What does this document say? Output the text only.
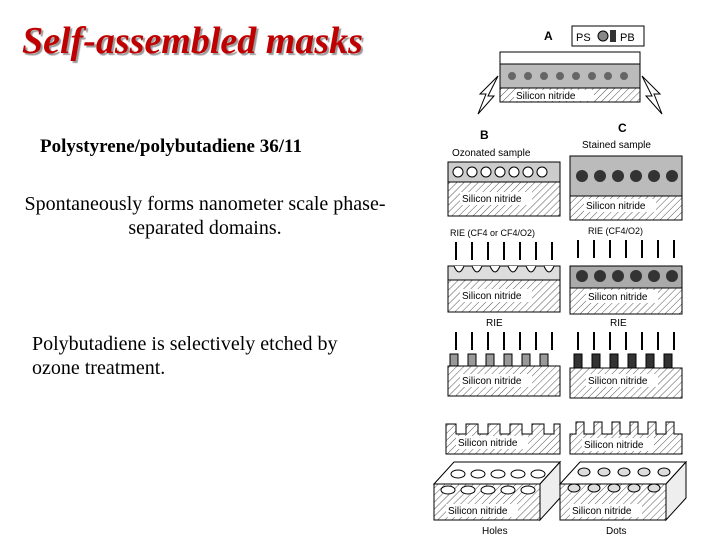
Self-assembled masks

Polystyrene/polybutadiene 36/11

Spontaneously forms nanometer scale phase-separated domains.

Polybutadiene is selectively etched by ozone treatment.

A PS	PB
Silicon nitride
B	C
Ozonated sample
Stained sample
Silicon nitride
Silicon nitride
RIE (CF4 or CF4/O2)	RIE (CF4/O2)
Silicon nitride	Silicon nitride
RIE	RIE
Silicon nitride	Silicon nitride
Silicon nitride	Silicon nitride
Silicon nitride
Holes
Silicon nitride
Dots
